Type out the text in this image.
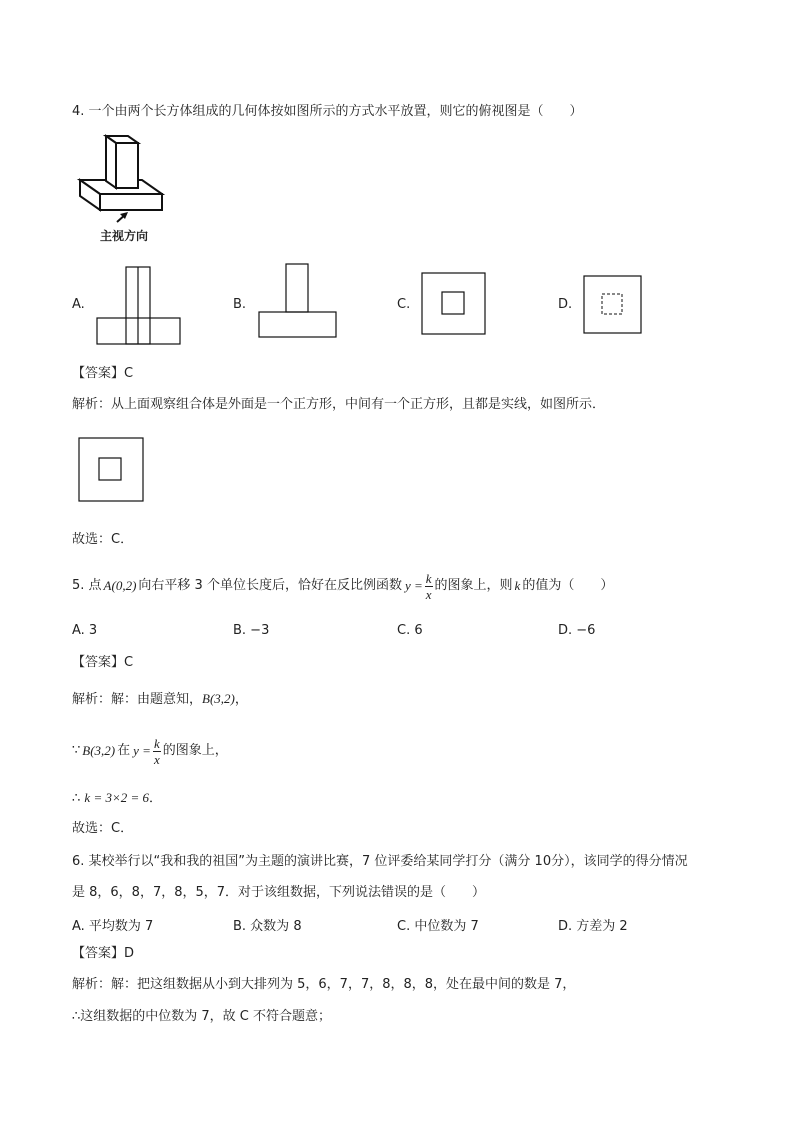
4. 一个由两个长方体组成的几何体按如图所示的方式水平放置，则它的俯视图是（　　）
主视方向
A.	B.	C.	D.
【答案】C
解析：从上面观察组合体是外面是一个正方形，中间有一个正方形，且都是实线，如图所示．
故选：C．
5. 点 A(0,2) 向右平移 3 个单位长度后，恰好在反比例函数 $y = \frac{k}{x}$ 的图象上，则 k 的值为（　　）
A. 3	B. −3	C. 6	D. −6
【答案】C
解析：解：由题意知，B(3,2)，
∵ B(3,2) 在 $y = \frac{k}{x}$ 的图象上，
∴ k = 3×2 = 6．
故选：C．
6. 某校举行以“我和我的祖国”为主题的演讲比赛，7 位评委给某同学打分（满分 10分），该同学的得分情况
是 8，6，8，7，8，5，7．对于该组数据，下列说法错误的是（　　）
A. 平均数为 7	B. 众数为 8	C. 中位数为 7	D. 方差为 2
【答案】D
解析：解：把这组数据从小到大排列为 5，6，7，7，8，8，8，处在最中间的数是 7，
∴这组数据的中位数为 7，故 C 不符合题意；
